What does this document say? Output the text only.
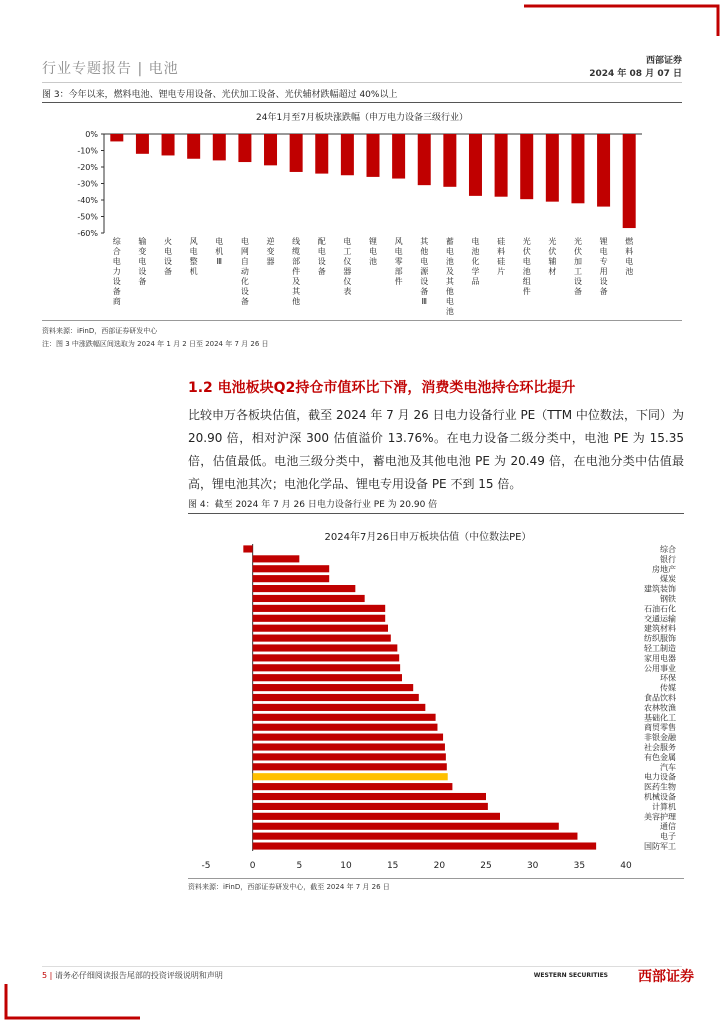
行业专题报告 | 电池	西部证券
2024 年 08 月 07 日
图 3：今年以来，燃料电池、锂电专用设备、光伏加工设备、光伏辅材跌幅超过 40%以上
24年1月至7月板块涨跌幅（申万电力设备三级行业）
0%
-10%
-20%
-30%
-40%
-50%
-60%
综合电力设备商
输变电设备
火电设备
风电整机
电机 Ⅲ
电网自动化设备
逆变器
线缆部件及其他
配电设备
电工仪器仪表
锂电池
风电零部件
其他电源设备 Ⅲ
蓄电池及其他电池
电池化学品
硅料硅片
光伏电池组件
光伏辅材
光伏加工设备
锂电专用设备
燃料电池
资料来源：iFinD，西部证券研发中心
注：图 3 中涨跌幅区间选取为 2024 年 1 月 2 日至 2024 年 7 月 26 日
1.2 电池板块Q2持仓市值环比下滑，消费类电池持仓环比提升
比较申万各板块估值，截至 2024 年 7 月 26 日电力设备行业 PE（TTM 中位数法，下同）为 20.90 倍，相对沪深 300 估值溢价 13.76%。在电力设备二级分类中，电池 PE 为 15.35 倍，估值最低。电池三级分类中，蓄电池及其他电池 PE 为 20.49 倍，在电池分类中估值最高，锂电池其次；电池化学品、锂电专用设备 PE 不到 15 倍。
图 4：截至 2024 年 7 月 26 日电力设备行业 PE 为 20.90 倍
2024年7月26日申万板块估值（中位数法PE）
综合
银行
房地产
煤炭
建筑装饰
钢铁
石油石化
交通运输
建筑材料
纺织服饰
轻工制造
家用电器
公用事业
环保
传媒
食品饮料
农林牧渔
基础化工
商贸零售
非银金融
社会服务
有色金属
汽车
电力设备
医药生物
机械设备
计算机
美容护理
通信
电子
国防军工
-5	0	5	10	15	20	25	30	35	40
资料来源：iFinD，西部证券研发中心，截至 2024 年 7 月 26 日
5 | 请务必仔细阅读报告尾部的投资评级说明和声明	WESTERN SECURITIES 西部证券
